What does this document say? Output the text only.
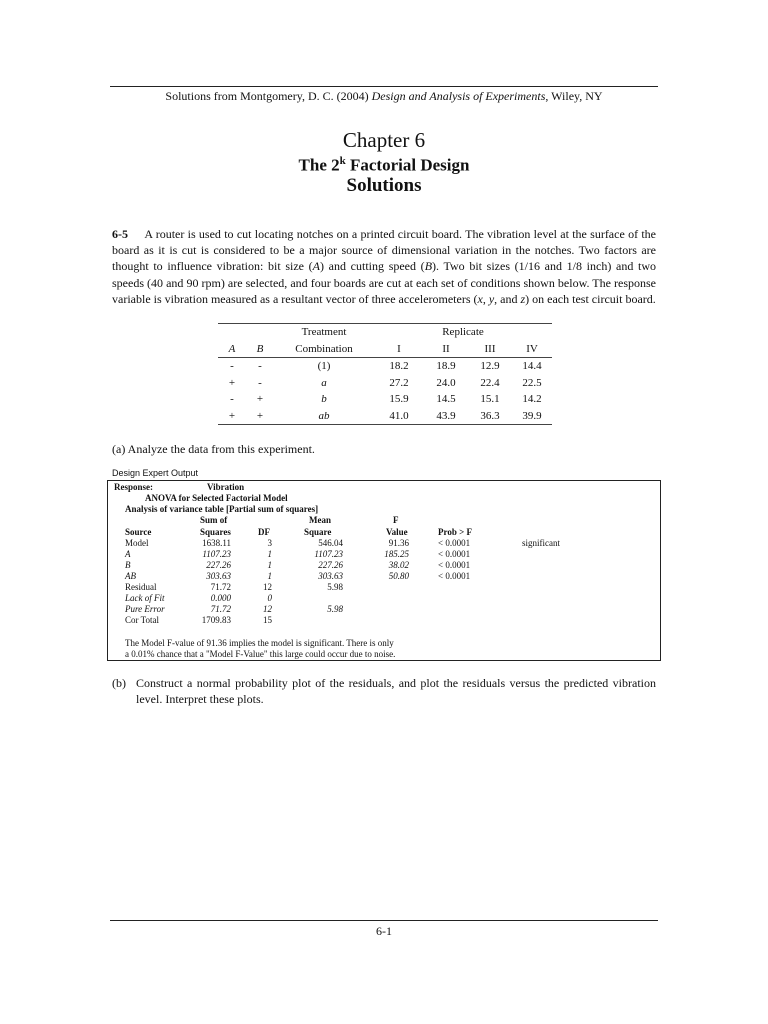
Solutions from Montgomery, D. C. (2004) Design and Analysis of Experiments, Wiley, NY
Chapter 6
The 2$^k$ Factorial Design
Solutions
6-5 A router is used to cut locating notches on a printed circuit board. The vibration level at the surface of the board as it is cut is considered to be a major source of dimensional variation in the notches. Two factors are thought to influence vibration: bit size (A) and cutting speed (B). Two bit sizes (1/16 and 1/8 inch) and two speeds (40 and 90 rpm) are selected, and four boards are cut at each set of conditions shown below. The response variable is vibration measured as a resultant vector of three accelerometers (x, y, and z) on each test circuit board.
		Treatment	Replicate			
A	B	Combination	I	II	III	IV
-	-	(1)	18.2	18.9	12.9	14.4
+	-	a	27.2	24.0	22.4	22.5
-	+	b	15.9	14.5	15.1	14.2
+	+	ab	41.0	43.9	36.3	39.9
(a) Analyze the data from this experiment.
Design Expert Output
Response:	Vibration
ANOVA for Selected Factorial Model
Analysis of variance table [Partial sum of squares]
Sum of	Mean	F
Source	Squares	DF	Square	Value	Prob > F
Model	1638.11	3	546.04	91.36	< 0.0001	significant
A	1107.23	1	1107.23	185.25	< 0.0001
B	227.26	1	227.26	38.02	< 0.0001
AB	303.63	1	303.63	50.80	< 0.0001
Residual	71.72	12	5.98
Lack of Fit	0.000	0
Pure Error	71.72	12	5.98
Cor Total	1709.83	15
The Model F-value of 91.36 implies the model is significant. There is only
a 0.01% chance that a "Model F-Value" this large could occur due to noise.
(b) Construct a normal probability plot of the residuals, and plot the residuals versus the predicted vibration level. Interpret these plots.
6-1
